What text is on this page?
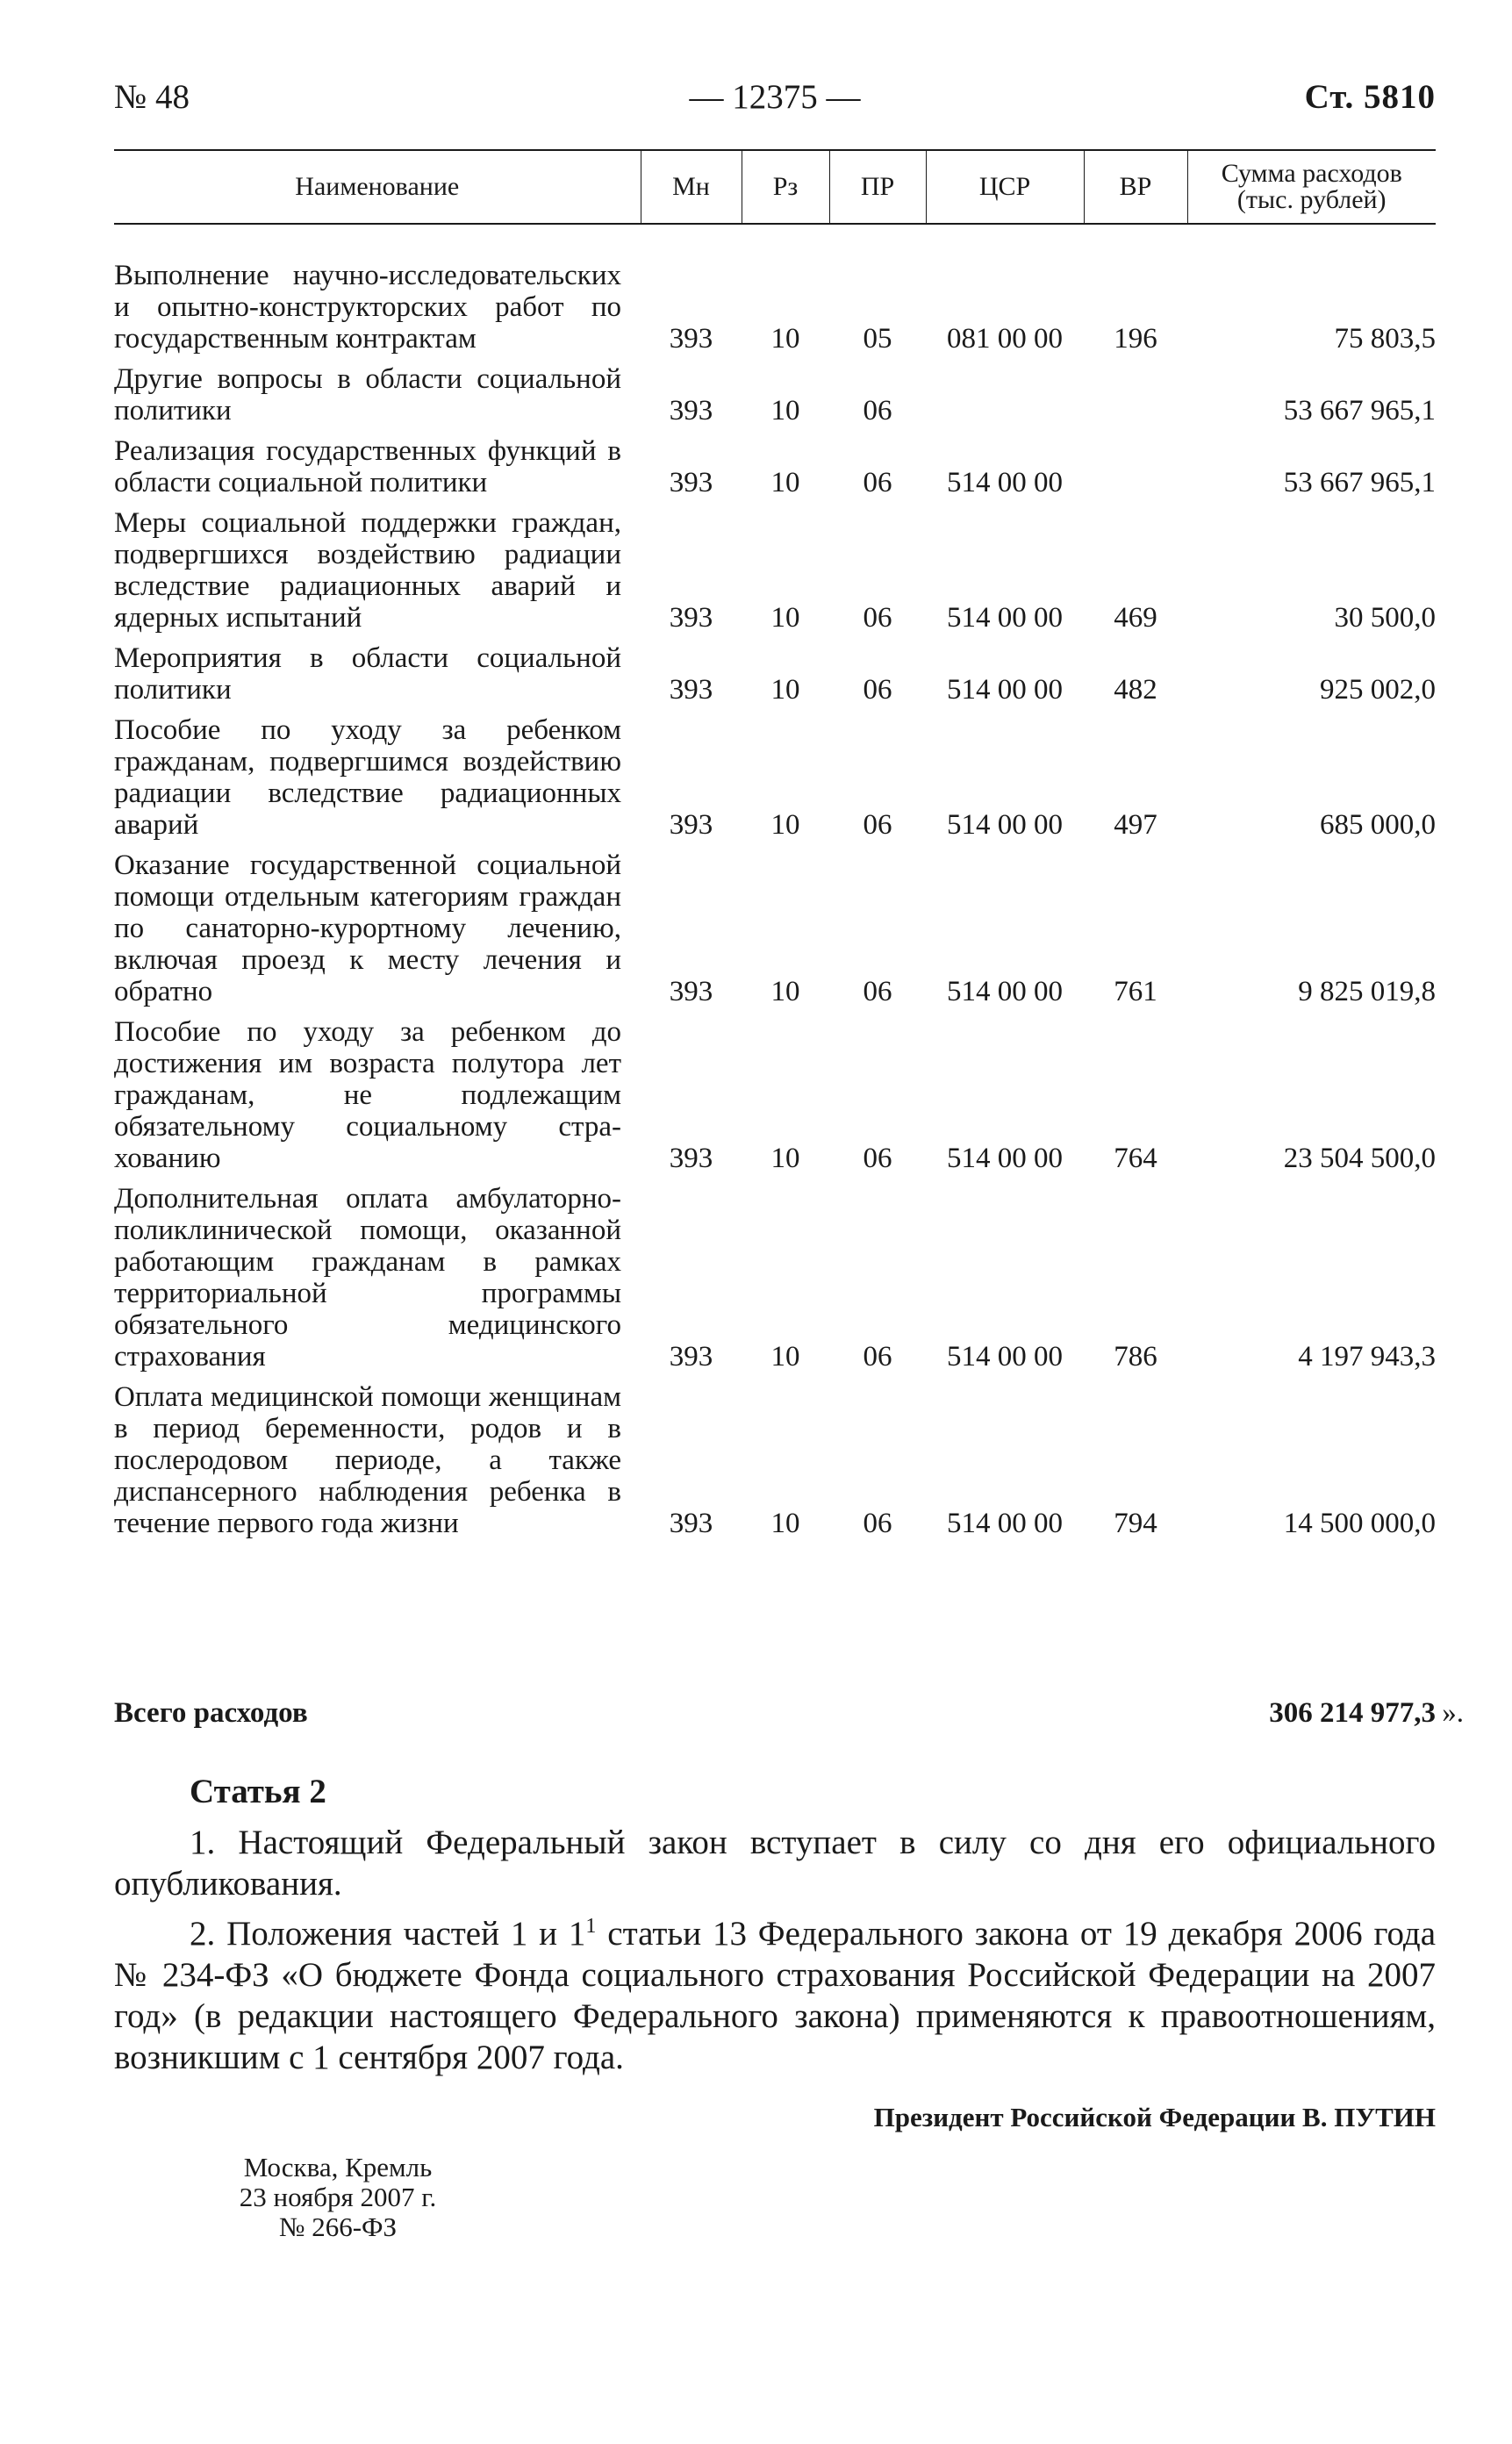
№ 48	— 12375 —	Ст. 5810
Наименование	Мн	Рз	ПР	ЦСР	ВР	Сумма расходов (тыс. рублей)
Выполнение научно-исследовательских и опытно-конструкторских работ по государственным контрактам	393	10	05	081 00 00	196	75 803,5
Другие вопросы в области социальной политики	393	10	06			53 667 965,1
Реализация государственных функций в области социальной политики	393	10	06	514 00 00		53 667 965,1
Меры социальной поддержки граждан, подвергшихся воздействию радиации вследствие радиационных аварий и ядерных испытаний	393	10	06	514 00 00	469	30 500,0
Мероприятия в области социальной политики	393	10	06	514 00 00	482	925 002,0
Пособие по уходу за ребенком гражданам, подвергшимся воздействию радиации вследствие радиационных аварий	393	10	06	514 00 00	497	685 000,0
Оказание государственной социальной помощи отдельным категориям граждан по санаторно-курортному лечению, включая проезд к месту лечения и обратно	393	10	06	514 00 00	761	9 825 019,8
Пособие по уходу за ребенком до достижения им возраста полутора лет гражданам, не подлежащим обязательному социальному страхованию	393	10	06	514 00 00	764	23 504 500,0
Дополнительная оплата амбулаторно-поликлинической помощи, оказанной работающим гражданам в рамках территориальной программы обязательного медицинского страхования	393	10	06	514 00 00	786	4 197 943,3
Оплата медицинской помощи женщинам в период беременности, родов и в послеродовом периоде, а также диспансерного наблюдения ребенка в течение первого года жизни	393	10	06	514 00 00	794	14 500 000,0
Всего расходов	306 214 977,3 ».
Статья 2

1. Настоящий Федеральный закон вступает в силу со дня его официального опубликования.

2. Положения частей 1 и $1^1$ статьи 13 Федерального закона от 19 декабря 2006 года № 234-ФЗ «О бюджете Фонда социального страхования Российской Федерации на 2007 год» (в редакции настоящего Федерального закона) применяются к правоотношениям, возникшим с 1 сентября 2007 года.

Президент Российской Федерации В. ПУТИН
Москва, Кремль
23 ноября 2007 г.
№ 266-ФЗ
